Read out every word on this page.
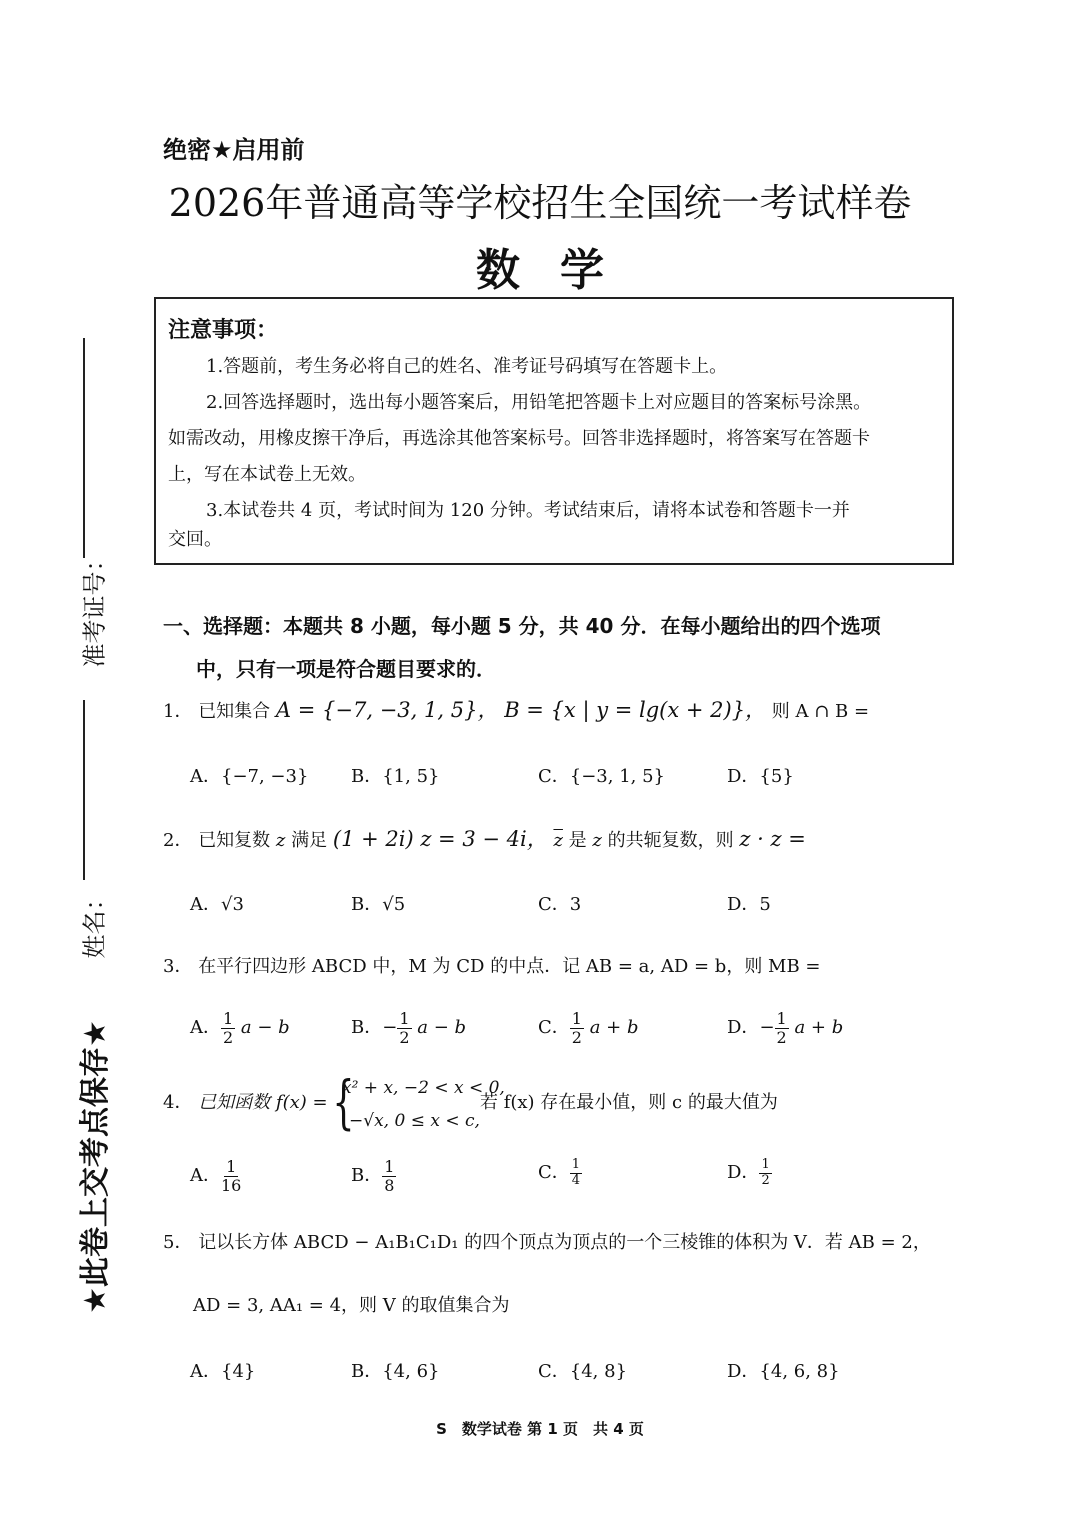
准考证号：
姓名：
★此卷上交考点保存★
绝密★启用前
2026年普通高等学校招生全国统一考试样卷
数学
注意事项：
1.答题前，考生务必将自己的姓名、准考证号码填写在答题卡上。
2.回答选择题时，选出每小题答案后，用铅笔把答题卡上对应题目的答案标号涂黑。
如需改动，用橡皮擦干净后，再选涂其他答案标号。回答非选择题时，将答案写在答题卡
上，写在本试卷上无效。
3.本试卷共 4 页，考试时间为 120 分钟。考试结束后，请将本试卷和答题卡一并
交回。
一、选择题：本题共 8 小题，每小题 5 分，共 40 分．在每小题给出的四个选项
中，只有一项是符合题目要求的．
1． 已知集合 A = {−7, −3, 1, 5}， B = {x | y = lg(x + 2)}， 则 A ∩ B =
A．{−7, −3} B．{1, 5}	C．{−3, 1, 5}	D．{5}
2． 已知复数 z 满足 (1 + 2i) z = 3 − 4i， $\overline{z}$ 是 z 的共轭复数，则 z · z =
A．√3	B．√5	C．3	D．5
3． 在平行四边形 ABCD 中，M 为 CD 的中点．记 AB = a, AD = b，则 MB =
A． $\frac{1}{2}$ a − b	B．− $\frac{1}{2}$ a − b	C． $\frac{1}{2}$ a + b	D．− $\frac{1}{2}$ a + b
4． 已知函数 f(x) = {
x² + x, −2 < x < 0,
−√x, 0 ≤ x < c,
若 f(x) 存在最小值，则 c 的最大值为
A． $\frac{1}{16}$	B． $\frac{1}{8}$	C． $\frac{1}{4}$	D． $\frac{1}{2}$
5． 记以长方体 ABCD − A₁B₁C₁D₁ 的四个顶点为顶点的一个三棱锥的体积为 V．若 AB = 2，
AD = 3, AA₁ = 4，则 V 的取值集合为
A．{4}	B．{4, 6}	C．{4, 8}	D．{4, 6, 8}
S　数学试卷 第 1 页　共 4 页
